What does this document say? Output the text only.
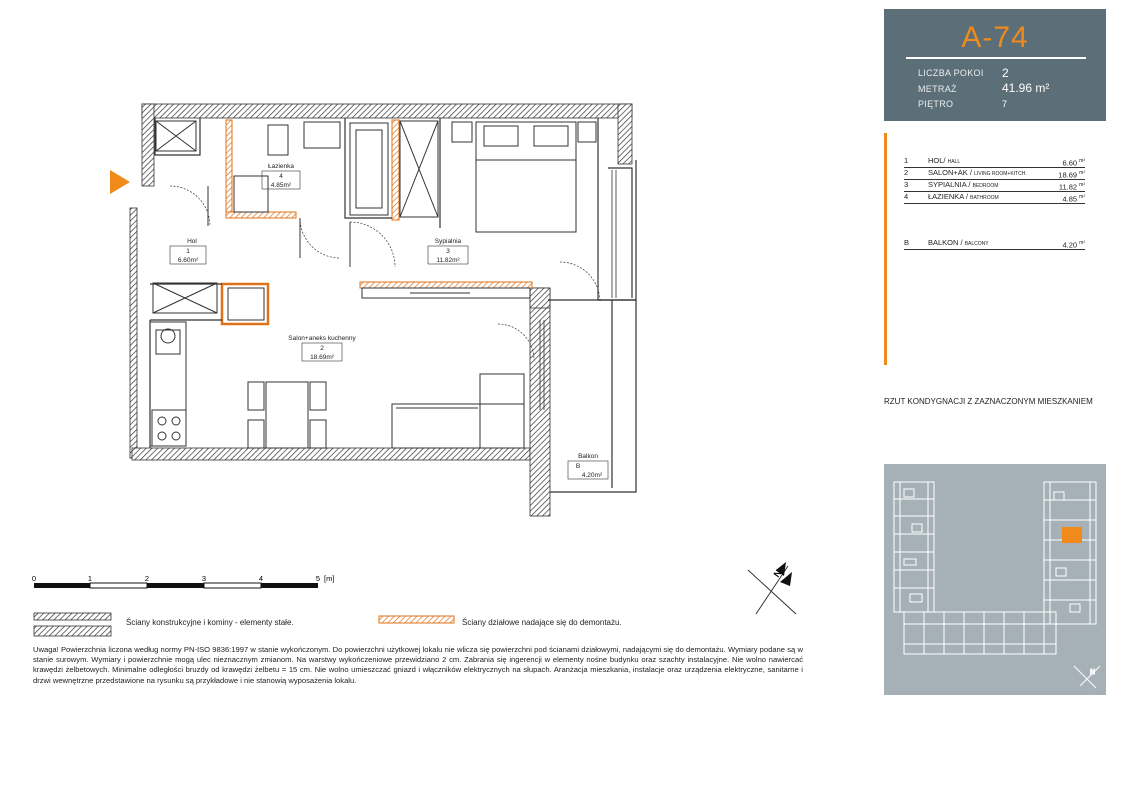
A-74
LICZBA POKOI 2
METRAŻ	41.96 m²
PIĘTRO	7
1	HOL/ HALL	6.60 $^{m^2}$
2	SALON+AK / LIVING ROOM+KITCH.	18.69 $^{m^2}$
3	SYPIALNIA / BEDROOM	11.82 $^{m^2}$
4	ŁAZIENKA / BATHROOM	4.85 $^{m^2}$
B	BALKON / BALCONY	4.20 $^{m^2}$
RZUT KONDYGNACJI Z ZAZNACZONYM MIESZKANIEM
N
Łazienka
4
4.85m²
Hol
1
6.60m²
Sypialnia
3
11.82m²
Salon+aneks kuchenny
2
18.69m²
Balkon
B
4.20m²
0	1	2	3	4	5 [m]	N
Ściany konstrukcyjne i kominy - elementy stałe.	Ściany działowe nadające się do demontażu.
Uwaga! Powierzchnia liczona według normy PN-ISO 9836:1997 w stanie wykończonym. Do powierzchni użytkowej lokalu nie wlicza się powierzchni pod ścianami działowymi, nadającymi się do demontażu. Wymiary podane są w stanie surowym. Wymiary i powierzchnie mogą ulec nieznacznym zmianom. Na warstwy wykończeniowe przewidziano 2 cm. Zabrania się ingerencji w elementy nośne budynku oraz szachty instalacyjne. Nie wolno nawiercać krawędzi żelbetowych. Minimalne odległości bruzdy od krawędzi żelbetu = 15 cm. Nie wolno umieszczać gniazd i włączników elektrycznych na słupach. Aranżacja mieszkania, instalacje oraz urządzenia elektryczne, sanitarne i drzwi wewnętrzne przedstawione na rysunku są przykładowe i nie stanowią wyposażenia lokalu.
